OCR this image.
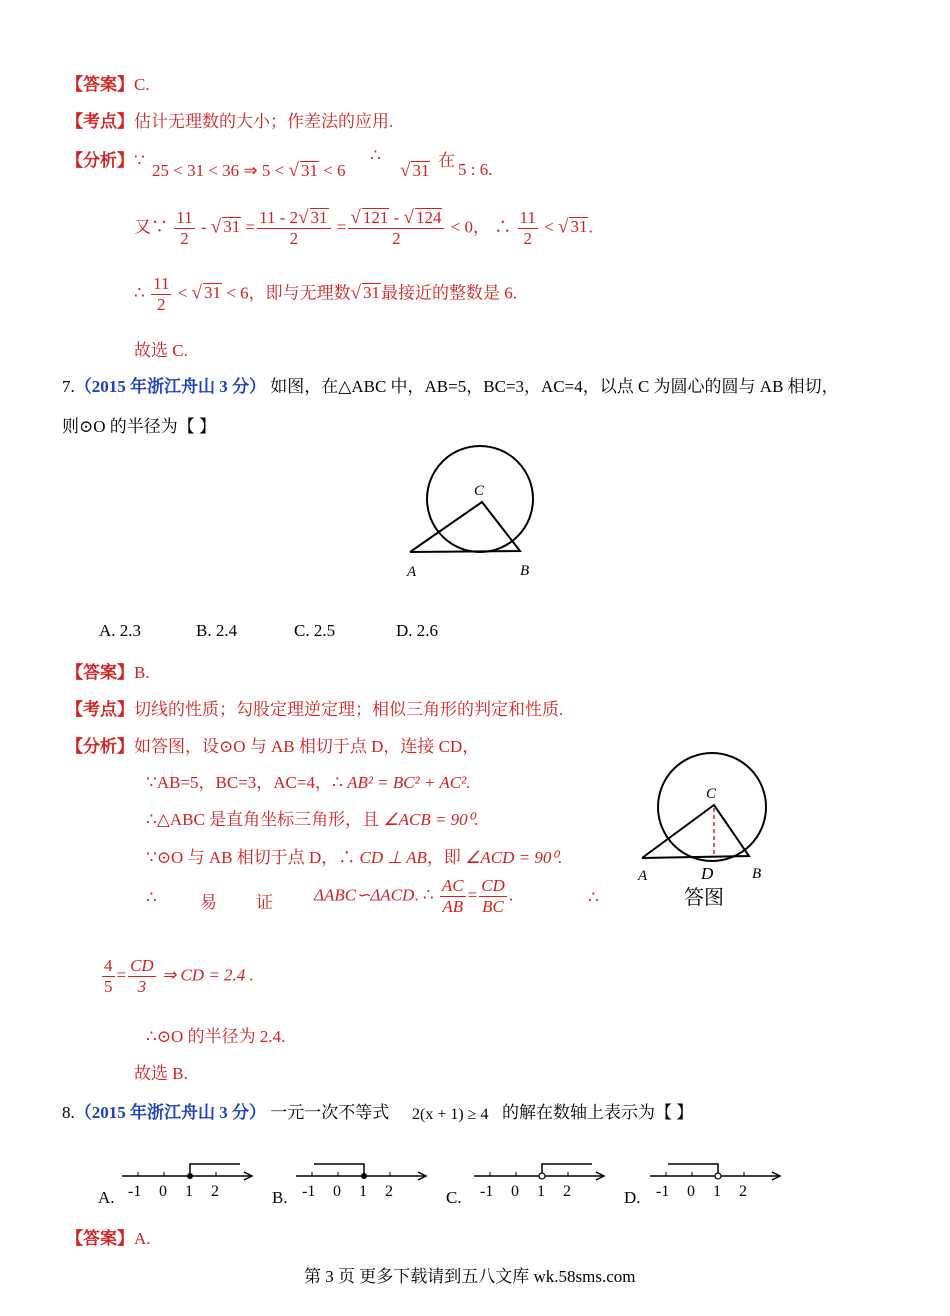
【答案】C.
【考点】估计无理数的大小；作差法的应用.
【分析】∵
25 < 31 < 36 ⇒ 5 < √ 31 < 6
∴
√ 31
在 5 : 6.
又∵ $\frac{11}{2}$ - √ $31 = \frac{11 - 2√ 31}{2} = \frac{√ 121 - √ 124}{2} < 0$， ∴ $\frac{11}{2}$ < √ 31.
∴ $\frac{11}{2}$ < √ 31 < 6，即与无理数√ 31最接近的整数是 6.
故选 C.
7.（2015 年浙江舟山 3 分） 如图，在△ABC 中，AB=5，BC=3，AC=4，以点 C 为圆心的圆与 AB 相切，
则⊙O 的半径为【 】
C
A	B
A. 2.3	B. 2.4	C. 2.5	D. 2.6
【答案】B.
【考点】切线的性质；勾股定理逆定理；相似三角形的判定和性质.
【分析】如答图，设⊙O 与 AB 相切于点 D，连接 CD，
∵AB=5，BC=3，AC=4，∴ AB² = BC² + AC².
∴△ABC 是直角坐标三角形，且 ∠ACB = 90⁰.
∵⊙O 与 AB 相切于点 D，∴ CD ⊥ AB，即 ∠ACD = 90⁰.
∴	易 证 ΔABC∽ΔACD. ∴ $\frac{AC}{AB} = \frac{CD}{BC}$ .	∴
$\frac{4}{5} = \frac{CD}{3}$ ⇒ CD = 2.4 .
∴⊙O 的半径为 2.4.
故选 B.
C
A	D	B
答图
8.（2015 年浙江舟山 3 分） 一元一次不等式 2(x + 1) ≥ 4 的解在数轴上表示为【 】
A. -1 0 1 2	B. -1 0 1 2	C. -1 0 1 2	D. -1 0 1 2
【答案】A.
第 3 页 更多下载请到五八文库 wk.58sms.com
